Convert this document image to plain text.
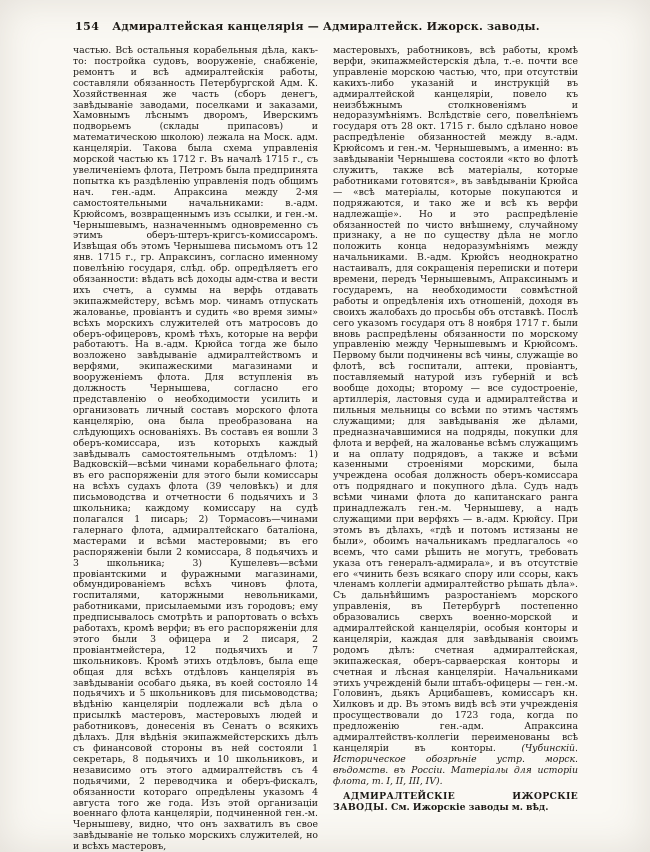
154	Адмиралтейская канцелярія — Адмиралтейск. Ижорск. заводы.

частью. Всѣ остальныя корабельныя дѣла, какъ-то: постройка судовъ, вооруженіе, снабженіе, ремонтъ и всѣ адмиралтейскія работы, составляли обязанность Петербургской Адм. К. Хозяйственная же часть (сборъ денегъ, завѣдываніе заводами, поселками и заказами, Хамовнымъ лѣснымъ дворомъ, Иверскимъ подворьемъ (склады припасовъ) и математическою школою) лежала на Моск. адм. канцеляріи. Такова была схема управленія морской частью къ 1712 г. Въ началѣ 1715 г., съ увеличеніемъ флота, Петромъ была предпринята попытка къ раздѣленію управленія подъ общимъ нач. ген.-адм. Апраксина между 2-мя самостоятельными начальниками: в.-адм. Крюйсомъ, возвращеннымъ изъ ссылки, и ген.-м. Чернышевымъ, назначеннымъ одновременно съ этимъ оберъ-штеръ-кригсъ-комиссаромъ. Извѣщая объ этомъ Чернышева письмомъ отъ 12 янв. 1715 г., гр. Апраксинъ, согласно именному повелѣнію государя, слѣд. обр. опредѣляетъ его обязанности: вѣдать всѣ доходы адм-ства и вести ихъ счетъ, а суммы на верфь отдавать экипажмейстеру, всѣмъ мор. чинамъ отпускать жалованье, провіантъ и судить «во время зимы» всѣхъ морскихъ служителей отъ матросовъ до оберъ-офицеровъ, кромѣ тѣхъ, которые на верфи работаютъ. На в.-адм. Крюйса тогда же было возложено завѣдываніе адмиралтействомъ и верфями, экипажескими магазинами и вооруженіемъ флота. Для вступленія въ должность Чернышева, согласно его представленію о необходимости усилить и организовать личный составъ морского флота канцелярію, она была преобразована на слѣдующихъ основаніяхъ. Въ составъ ея вошли 3 оберъ-комиссара, изъ которыхъ каждый завѣдывалъ самостоятельнымъ отдѣломъ: 1) Вадковскій—всѣми чинами корабельнаго флота; въ его распоряженіи для этого были комиссары на всѣхъ судахъ флота (39 человѣкъ) и для письмоводства и отчетности 6 подьячихъ и 3 школьника; каждому комиссару на судѣ полагался 1 писарь; 2) Тормасовъ—чинами галернаго флота, адмиралтейскаго баталіона, мастерами и всѣми мастеровыми; въ его распоряженіи были 2 комиссара, 8 подьячихъ и 3 школьника; 3) Кушелевъ—всѣми провіантскими и фуражными магазинами, обмундированіемъ всѣхъ чиновъ флота, госпиталями, каторжными невольниками, работниками, присылаемыми изъ городовъ; ему предписывалось смотрѣть и рапортовать о всѣхъ работахъ, кромѣ верфи; въ его распоряженіи для этого были 3 офицера и 2 писаря, 2 провіантмейстера, 12 подьячихъ и 7 школьниковъ. Кромѣ этихъ отдѣловъ, была еще общая для всѣхъ отдѣловъ канцелярія въ завѣдываніи особаго дьяка, въ коей состояло 14 подьячихъ и 5 школьниковъ для письмоводства; вѣдѣнію канцеляріи подлежали всѣ дѣла о присылкѣ мастеровъ, мастеровыхъ людей и работниковъ, донесенія въ Сенатъ о всякихъ дѣлахъ. Для вѣдѣнія экипажмейстерскихъ дѣлъ съ финансовой стороны въ ней состояли 1 секретарь, 8 подьячихъ и 10 школьниковъ, и независимо отъ этого адмиралтействъ съ 4 подьячими, 2 переводчика и оберъ-фискалъ, обязанности котораго опредѣлены указомъ 4 августа того же года. Изъ этой организаціи военнаго флота канцеляріи, подчиненной ген.-м. Чернышеву, видно, что онъ захватилъ въ свое завѣдываніе не только морскихъ служителей, но и всѣхъ мастеровъ,

мастеровыхъ, работниковъ, всѣ работы, кромѣ верфи, экипажмейстерскія дѣла, т.-е. почти все управленіе морскою частью, что, при отсутствіи какихъ-либо указаній и инструкцій въ адмиралтейской канцеляріи, повело къ неизбѣжнымъ столкновеніямъ и недоразумѣніямъ. Вслѣдствіе сего, повелѣніемъ государя отъ 28 окт. 1715 г. было сдѣлано новое распредѣленіе обязанностей между в.-адм. Крюйсомъ и ген.-м. Чернышевымъ, а именно: въ завѣдываніи Чернышева состояли «кто во флотѣ служитъ, также всѣ матеріалы, которые работниками готовятся», въ завѣдываніи Крюйса — «всѣ матеріалы, которые покупаются и подряжаются, и тако же и всѣ къ верфи надлежащіе». Но и это распредѣленіе обязанностей по чисто внѣшнему, случайному признаку, а не по существу дѣла не могло положить конца недоразумѣніямъ между начальниками. В.-адм. Крюйсъ неоднократно настаивалъ, для сокращенія переписки и потери времени, передъ Чернышевымъ, Апраксинымъ и государемъ, на необходимости совмѣстной работы и опредѣленія ихъ отношеній, доходя въ своихъ жалобахъ до просьбы объ отставкѣ. Послѣ сего указомъ государя отъ 8 ноября 1717 г. были вновь распредѣлены обязанности по морскому управленію между Чернышевымъ и Крюйсомъ. Первому были подчинены всѣ чины, служащіе во флотѣ, всѣ госпитали, аптеки, провіантъ, поставляемый натурой изъ губерній и всѣ вообще доходы; второму — все судостроеніе, артиллерія, ластовыя суда и адмиралтейства и пильныя мельницы со всѣми по этимъ частямъ служащими; для завѣдыванія же дѣлами, предназначавшимися на подряды, покупки для флота и верфей, на жалованье всѣмъ служащимъ и на оплату подрядовъ, а также и всѣми казенными строеніями морскими, была учреждена особая должность оберъ-комиссара отъ подряднаго и покупного дѣла. Судъ надъ всѣми чинами флота до капитанскаго ранга принадлежалъ ген.-м. Чернышеву, а надъ служащими при верфяхъ — в.-адм. Крюйсу. При этомъ въ дѣлахъ, «гдѣ и потомъ истязаны не были», обоимъ начальникамъ предлагалось «о всемъ, что сами рѣшить не могутъ, требовать указа отъ генералъ-адмирала», и въ отсутствіе его «чинить безъ всякаго спору или ссоры, какъ членамъ коллегіи адмиралтейство рѣшать дѣла». Съ дальнѣйшимъ разростаніемъ морского управленія, въ Петербургѣ постепенно образовались сверхъ военно-морской и адмиралтейской канцеляріи, особыя конторы и канцеляріи, каждая для завѣдыванія своимъ родомъ дѣлъ: счетная адмиралтейская, экипажеская, оберъ-сарваерская конторы и счетная и лѣсная канцеляріи. Начальниками этихъ учрежденій были штабъ-офицеры — ген.-м. Головинъ, дьякъ Арцибашевъ, комиссаръ кн. Хилковъ и др. Въ этомъ видѣ всѣ эти учрежденія просуществовали до 1723 года, когда по предложенію ген.-адм. Апраксина адмиралтействъ-коллегіи переименованы всѣ канцеляріи въ конторы. (Чубинскій. Историческое обозрѣніе устр. морск. вѣдомств. въ Россіи. Матеріалы для исторіи флота, т. I, II, III, IV).

АДМИРАЛТЕЙСКІЕ ИЖОРСКІЕ ЗАВОДЫ. См. Ижорскіе заводы м. вѣд.
